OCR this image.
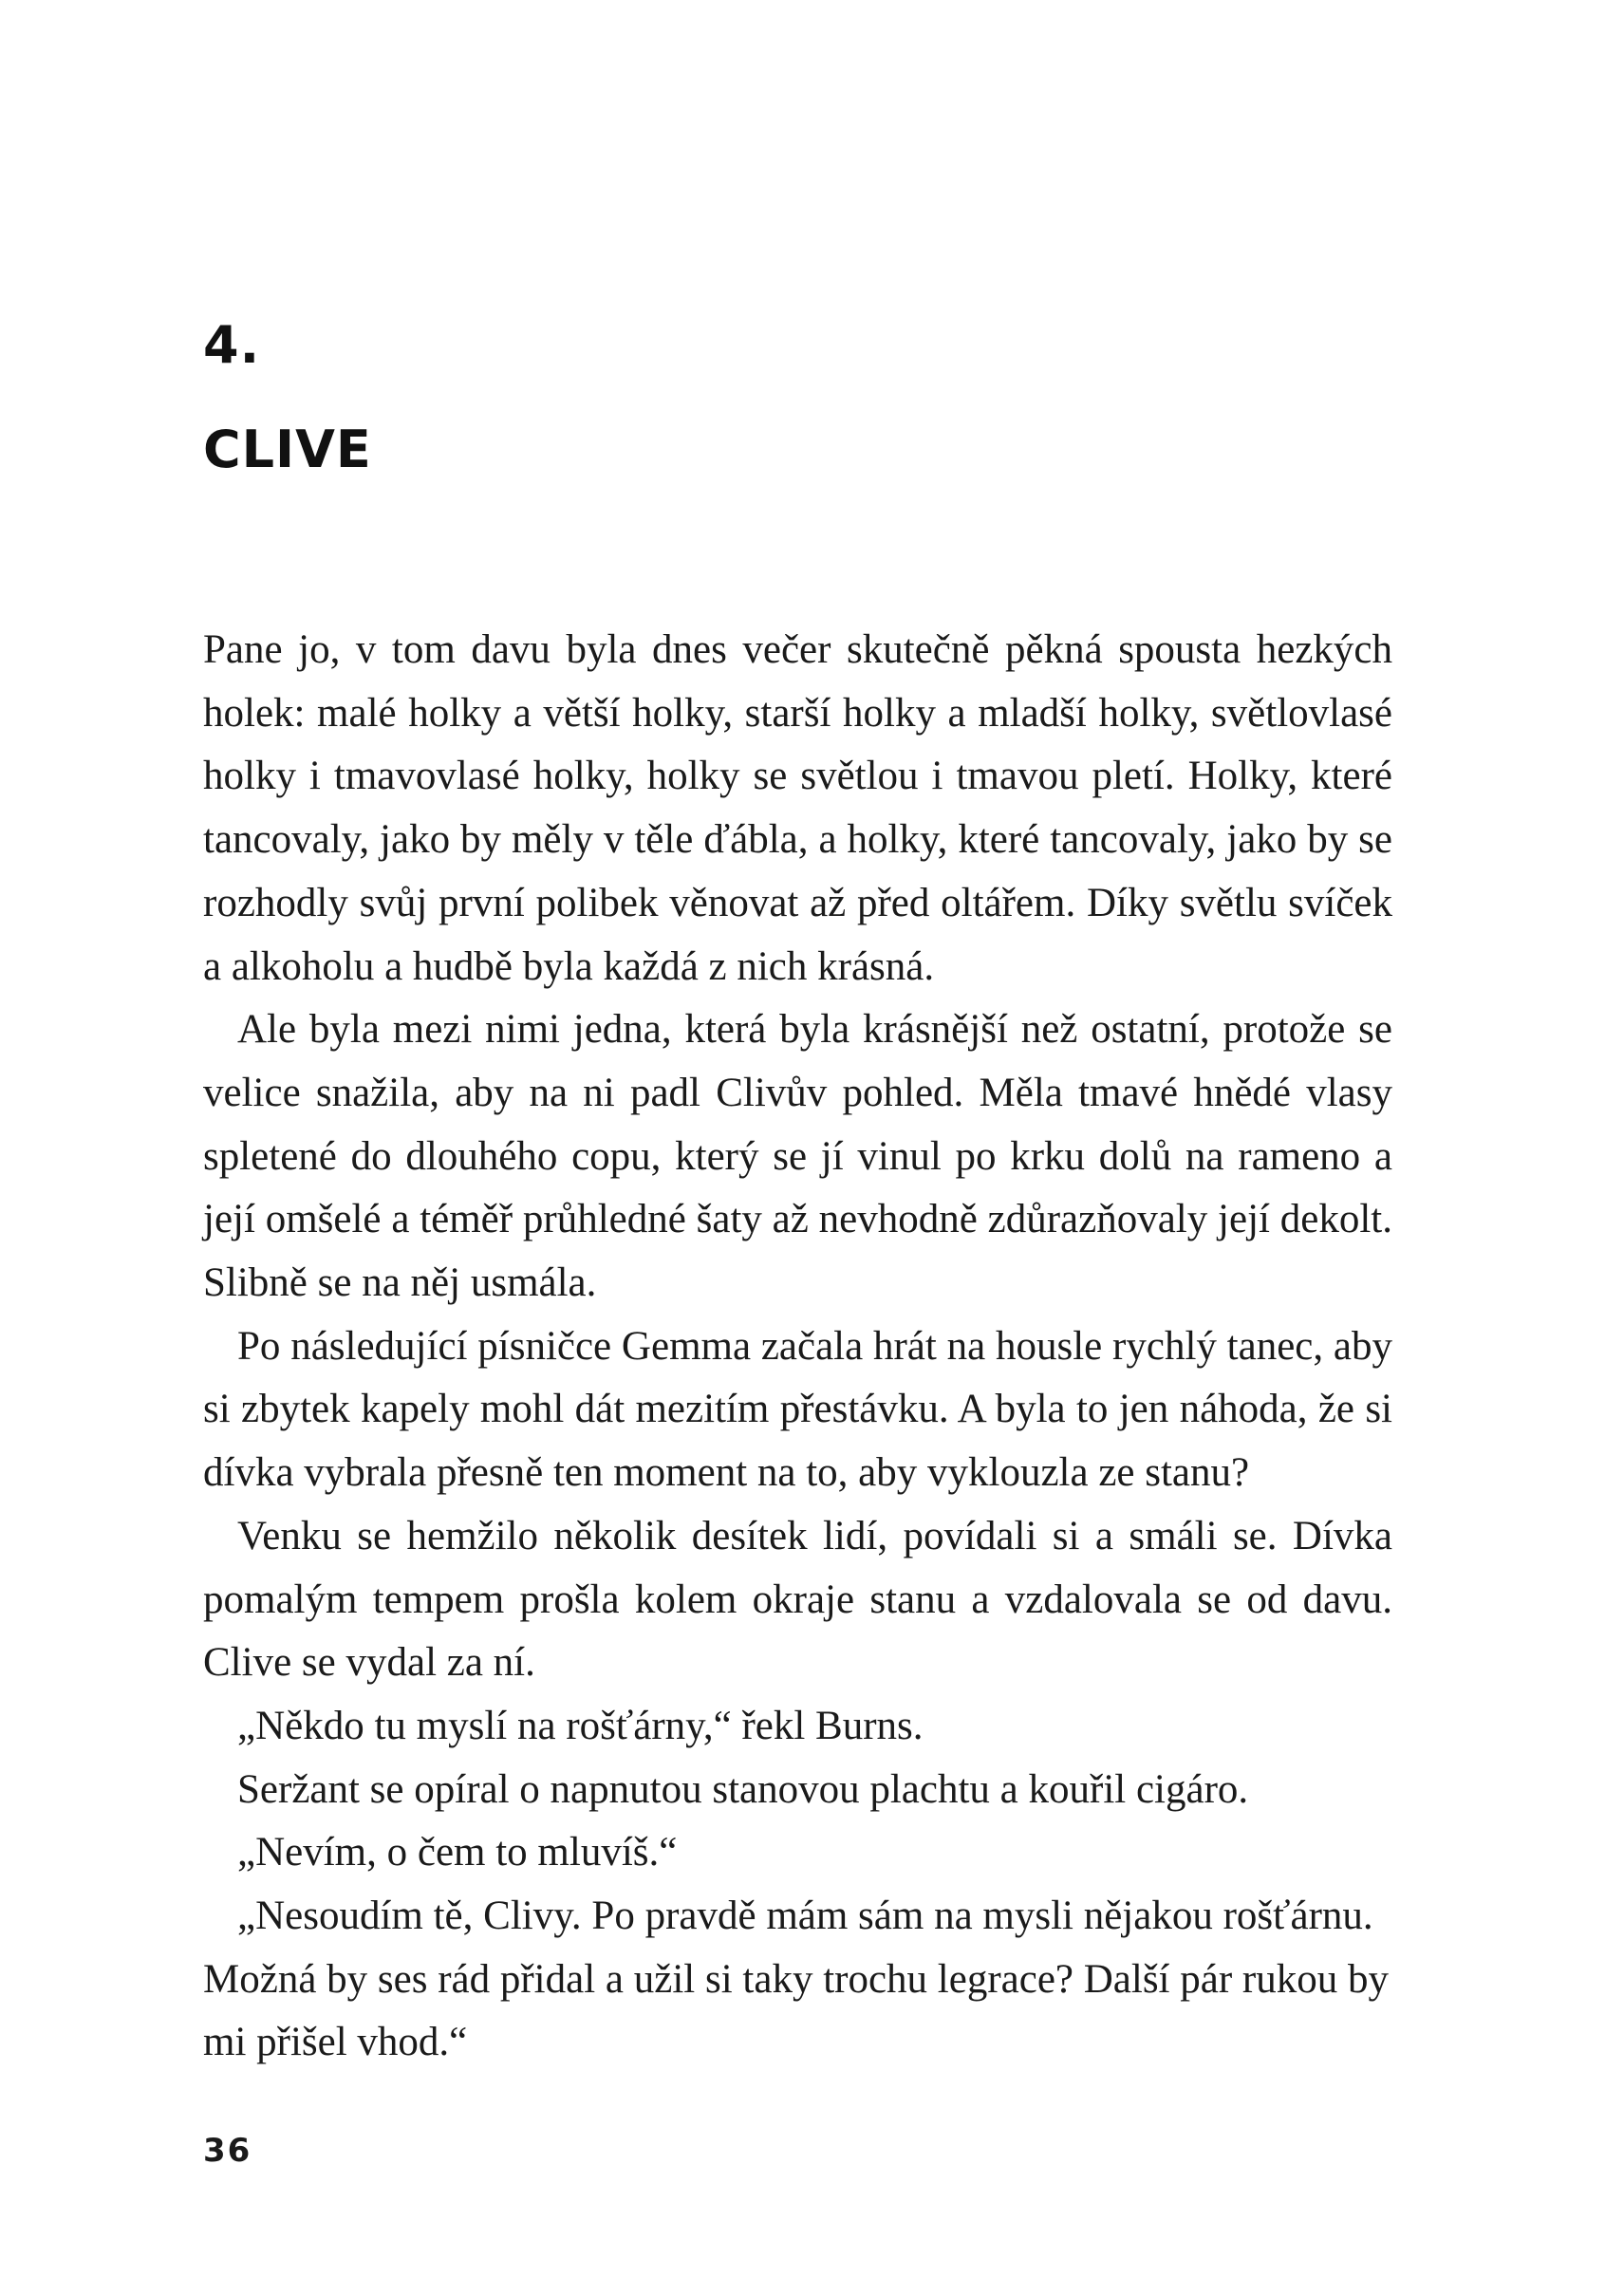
4.
CLIVE

Pane jo, v tom davu byla dnes večer skutečně pěkná spousta hezkých holek: malé holky a větší holky, starší holky a mladší holky, světlovlasé holky i tmavovlasé holky, holky se světlou i tmavou pletí. Holky, které tancovaly, jako by měly v těle ďábla, a holky, které tancovaly, jako by se rozhodly svůj první polibek věnovat až před oltářem. Díky světlu svíček a alkoholu a hudbě byla každá z nich krásná.

Ale byla mezi nimi jedna, která byla krásnější než ostatní, protože se velice snažila, aby na ni padl Clivův pohled. Měla tmavé hnědé vlasy spletené do dlouhého copu, který se jí vinul po krku dolů na rameno a její omšelé a téměř průhledné šaty až nevhodně zdůrazňovaly její dekolt. Slibně se na něj usmála.

Po následující písničce Gemma začala hrát na housle rychlý tanec, aby si zbytek kapely mohl dát mezitím přestávku. A byla to jen náhoda, že si dívka vybrala přesně ten moment na to, aby vyklouzla ze stanu?

Venku se hemžilo několik desítek lidí, povídali si a smáli se. Dívka pomalým tempem prošla kolem okraje stanu a vzdalovala se od davu. Clive se vydal za ní.

„Někdo tu myslí na rošťárny,“ řekl Burns.

Seržant se opíral o napnutou stanovou plachtu a kouřil cigáro.

„Nevím, o čem to mluvíš.“

„Nesoudím tě, Clivy. Po pravdě mám sám na mysli nějakou rošťárnu. Možná by ses rád přidal a užil si taky trochu legrace? Další pár rukou by mi přišel vhod.“

36
